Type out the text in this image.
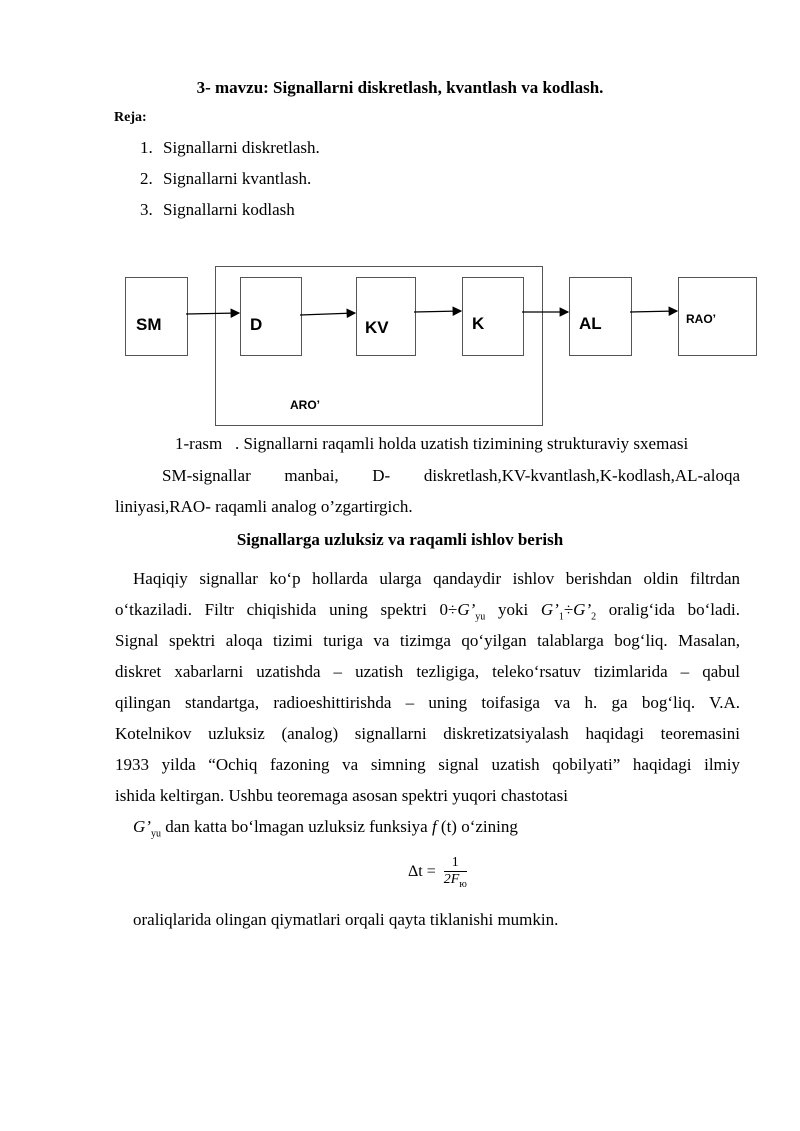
3- mavzu: Signallarni diskretlash, kvantlash va kodlash.
Reja:
1. Signallarni diskretlash.
2. Signallarni kvantlash.
3. Signallarni kodlash
ARO’
SM	D	KV	K	AL	RAO’
1-rasm   . Signallarni raqamli holda uzatish tizimining strukturaviy sxemasi
SM-signallar manbai, D- diskretlash,KV-kvantlash,K-kodlash,AL-aloqa
liniyasi,RAO- raqamli analog o’zgartirgich.
Signallarga uzluksiz va raqamli ishlov berish
Haqiqiy signallar ko‘p hollarda ularga qandaydir ishlov berishdan oldin filtrdan
o‘tkaziladi. Filtr chiqishida uning spektri $0\div G’_{yu}$ yoki $G’_1\div G’_2$ oralig‘ida bo‘ladi.
Signal spektri aloqa tizimi turiga va tizimga qo‘yilgan talablarga bog‘liq. Masalan,
diskret xabarlarni uzatishda – uzatish tezligiga, teleko‘rsatuv tizimlarida – qabul
qilingan standartga, radioeshittirishda – uning toifasiga va h. ga bog‘liq. V.A.
Kotelnikov uzluksiz (analog) signallarni diskretizatsiyalash haqidagi teoremasini
1933 yilda “Ochiq fazoning va simning signal uzatish qobilyati” haqidagi ilmiy
ishida keltirgan. Ushbu teoremaga asosan spektri yuqori chastotasi
$G’_{yu}$ dan katta bo‘lmagan uzluksiz funksiya f (t) o‘zining
$\Delta t = \frac{1}{2F_ю}$
oraliqlarida olingan qiymatlari orqali qayta tiklanishi mumkin.
